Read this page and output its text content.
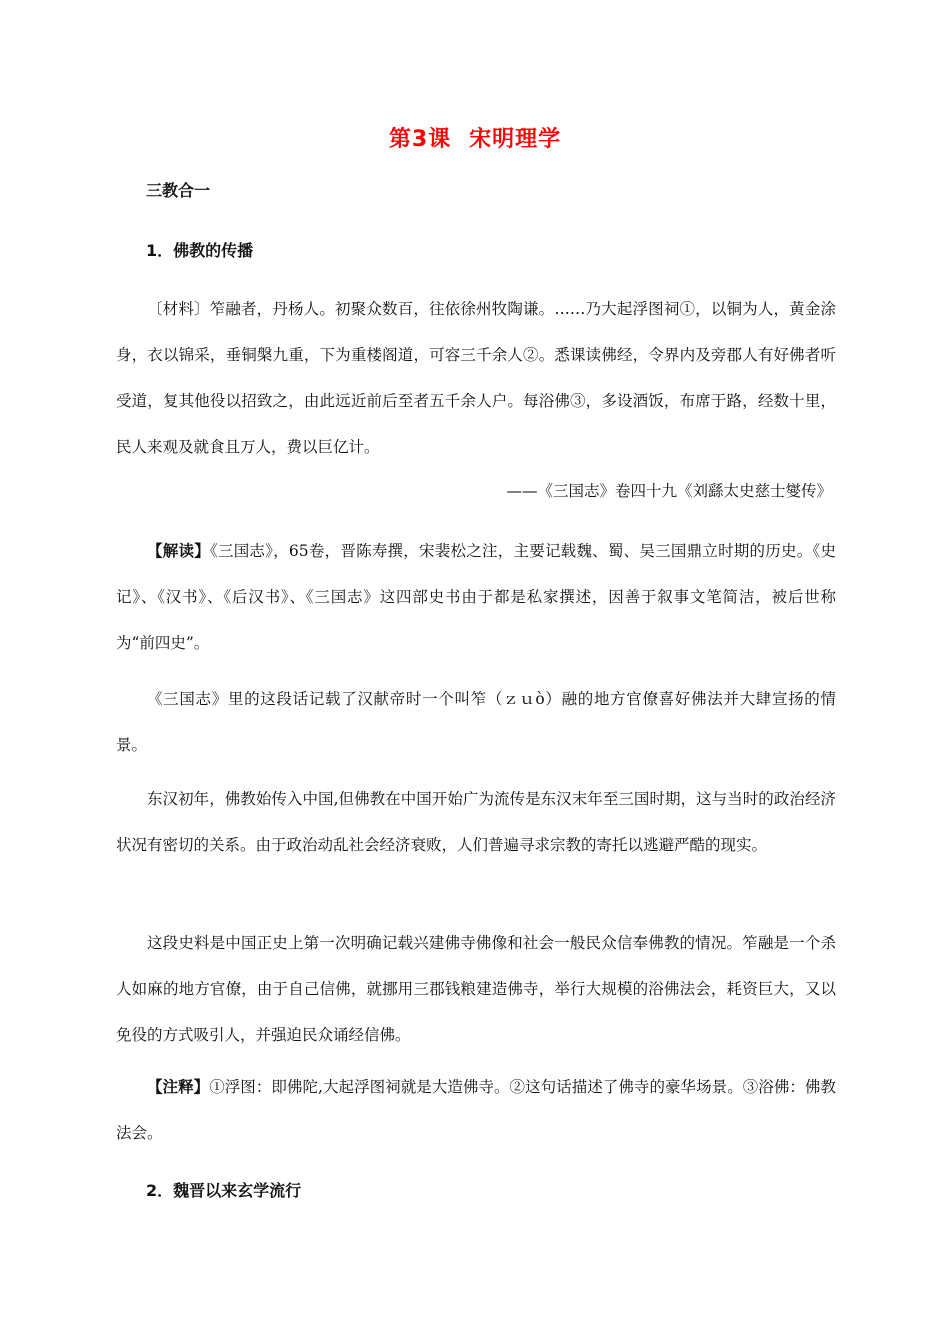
第3课 宋明理学
三教合一
1．佛教的传播

〔材料〕笮融者，丹杨人。初聚众数百，往依徐州牧陶谦。……乃大起浮图祠①，以铜为人，黄金涂身，衣以锦采，垂铜槃九重，下为重楼阁道，可容三千余人②。悉课读佛经，令界内及旁郡人有好佛者听受道，复其他役以招致之，由此远近前后至者五千余人户。每浴佛③，多设酒饭，布席于路，经数十里，民人来观及就食且万人，费以巨亿计。

——《三国志》卷四十九《刘繇太史慈士燮传》

【解读】《三国志》，65卷，晋陈寿撰，宋裴松之注，主要记载魏、蜀、吴三国鼎立时期的历史。《史记》、《汉书》、《后汉书》、《三国志》这四部史书由于都是私家撰述，因善于叙事文笔简洁，被后世称为“前四史”。

《三国志》里的这段话记载了汉献帝时一个叫笮（ｚｕò）融的地方官僚喜好佛法并大肆宣扬的情景。

东汉初年，佛教始传入中国,但佛教在中国开始广为流传是东汉末年至三国时期，这与当时的政治经济状况有密切的关系。由于政治动乱社会经济衰败，人们普遍寻求宗教的寄托以逃避严酷的现实。

这段史料是中国正史上第一次明确记载兴建佛寺佛像和社会一般民众信奉佛教的情况。笮融是一个杀人如麻的地方官僚，由于自己信佛，就挪用三郡钱粮建造佛寺，举行大规模的浴佛法会，耗资巨大，又以免役的方式吸引人，并强迫民众诵经信佛。

【注释】①浮图：即佛陀,大起浮图祠就是大造佛寺。②这句话描述了佛寺的豪华场景。③浴佛：佛教法会。

2．魏晋以来玄学流行
